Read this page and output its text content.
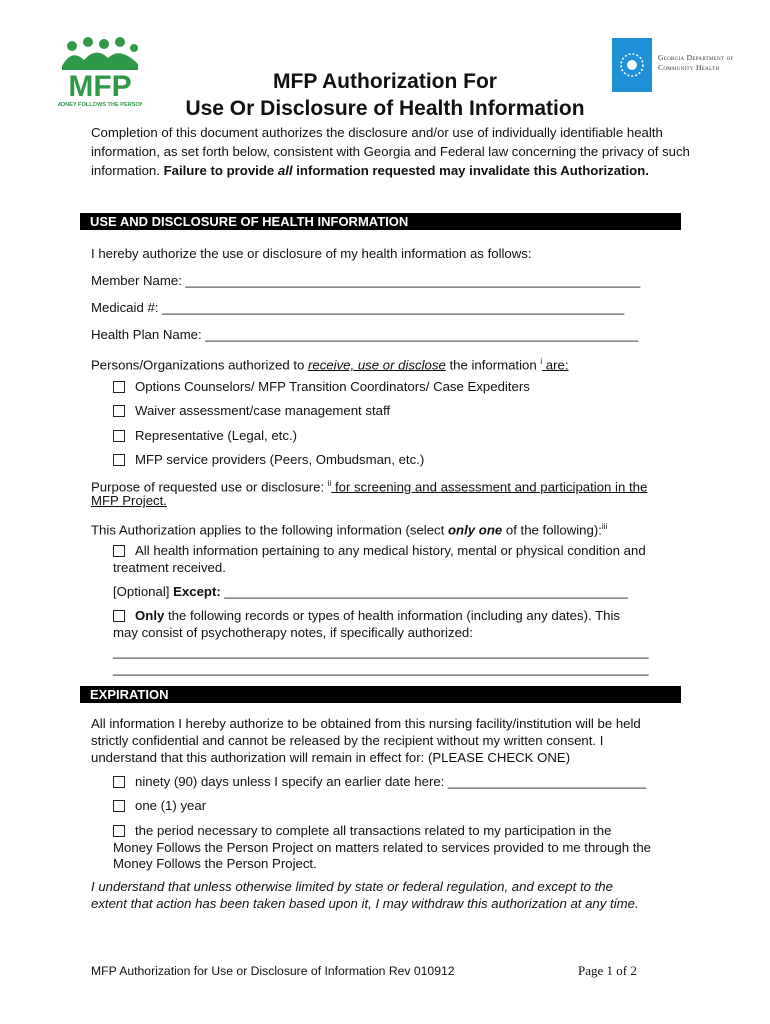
MFP
MONEY FOLLOWS THE PERSON
Georgia Department of
Community Health
MFP Authorization For
Use Or Disclosure of Health Information
Completion of this document authorizes the disclosure and/or use of individually identifiable health information, as set forth below, consistent with Georgia and Federal law concerning the privacy of such information. Failure to provide all information requested may invalidate this Authorization.
USE AND DISCLOSURE OF HEALTH INFORMATION
I hereby authorize the use or disclosure of my health information as follows:
Member Name: ______________________________________________________________
Medicaid #: _______________________________________________________________
Health Plan Name: ___________________________________________________________
Persons/Organizations authorized to receive, use or disclose the information $^i$ are:
Options Counselors/ MFP Transition Coordinators/ Case Expediters
Waiver assessment/case management staff
Representative (Legal, etc.)
MFP service providers (Peers, Ombudsman, etc.)
Purpose of requested use or disclosure: $^{ii}$ for screening and assessment and participation in the
MFP Project.
This Authorization applies to the following information (select only one of the following):$^{iii}$
All health information pertaining to any medical history, mental or physical condition and
treatment received.
[Optional] Except: _______________________________________________________
Only the following records or types of health information (including any dates). This
may consist of psychotherapy notes, if specifically authorized:
_________________________________________________________________________
_________________________________________________________________________
EXPIRATION
All information I hereby authorize to be obtained from this nursing facility/institution will be held
strictly confidential and cannot be released by the recipient without my written consent. I
understand that this authorization will remain in effect for: (PLEASE CHECK ONE)
ninety (90) days unless I specify an earlier date here: ___________________________
one (1) year
the period necessary to complete all transactions related to my participation in the
Money Follows the Person Project on matters related to services provided to me through the
Money Follows the Person Project.
I understand that unless otherwise limited by state or federal regulation, and except to the
extent that action has been taken based upon it, I may withdraw this authorization at any time.
MFP Authorization for Use or Disclosure of Information Rev 010912	Page 1 of 2
